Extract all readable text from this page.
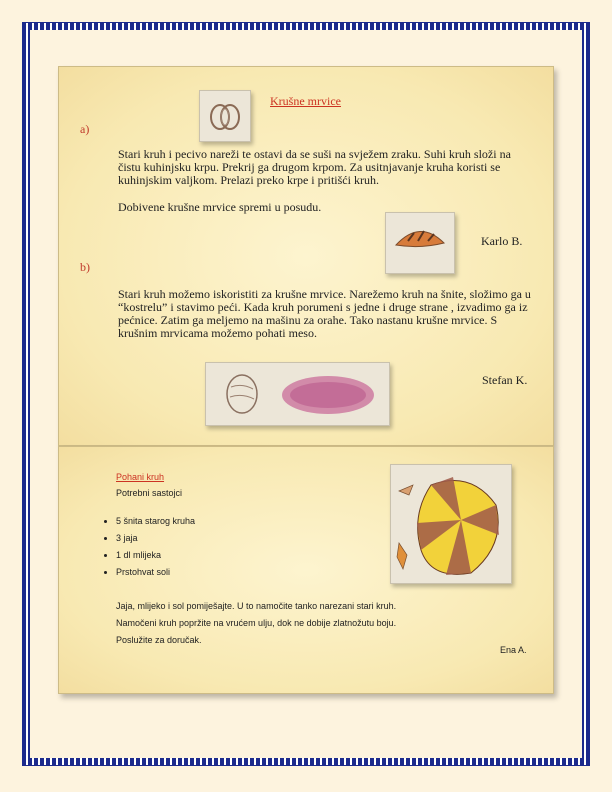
Krušne mrvice
a)

Stari kruh i pecivo nareži te ostavi da se suši na svježem zraku. Suhi kruh složi na čistu kuhinjsku krpu. Prekrij ga drugom krpom. Za usitnjavanje kruha koristi se kuhinjskim valjkom. Prelazi preko krpe i pritišći kruh.

Dobivene krušne mrvice spremi u posudu.

Karlo B.
b)

Stari kruh možemo iskoristiti za krušne mrvice. Narežemo kruh na šnite, složimo ga u “kostrelu” i stavimo peći. Kada kruh porumeni s jedne i druge strane , izvadimo ga iz pećnice. Zatim ga meljemo na mašinu za orahe. Tako nastanu krušne mrvice. S krušnim mrvicama možemo pohati meso.

Stefan K.
Pohani kruh
Potrebni sastojci
• 5 šnita starog kruha
• 3 jaja
• 1 dl mlijeka
• Prstohvat soli
Jaja, mlijeko i sol pomiješajte. U to namočite tanko narezani stari kruh.
Namočeni kruh popržite na vrućem ulju, dok ne dobije zlatnožutu boju.
Poslužite za doručak.
Ena A.
